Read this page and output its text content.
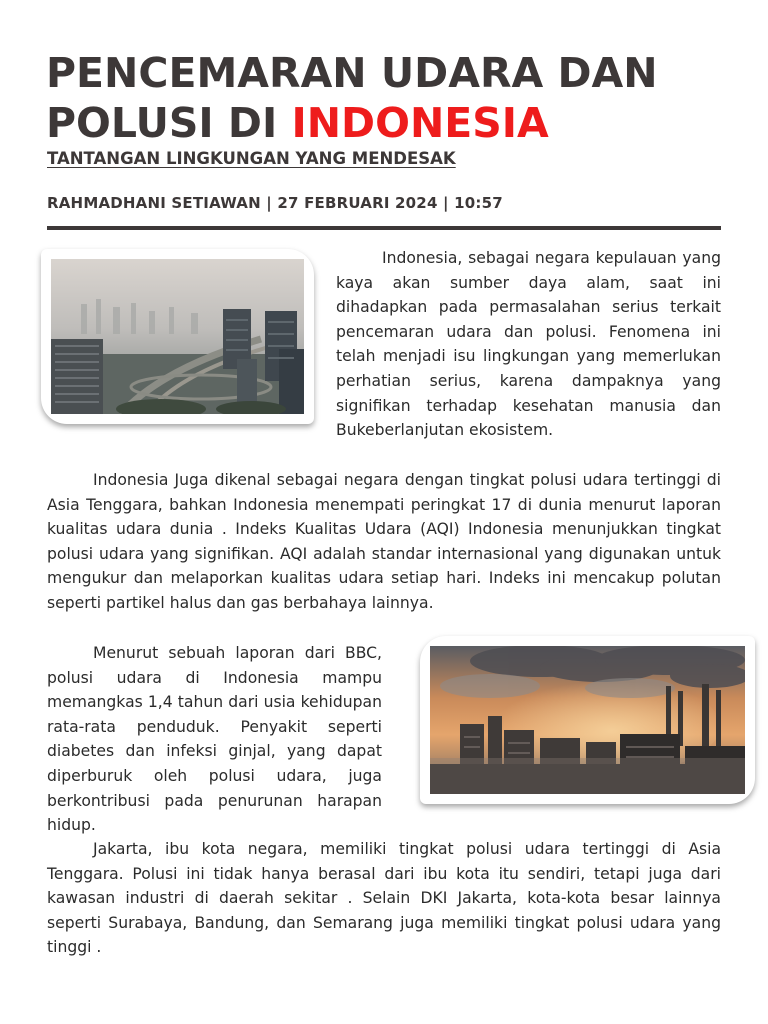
PENCEMARAN UDARA DAN
POLUSI DI INDONESIA

TANTANGAN LINGKUNGAN YANG MENDESAK

RAHMADHANI SETIAWAN | 27 FEBRUARI 2024 | 10:57

Indonesia, sebagai negara kepulauan yang kaya akan sumber daya alam, saat ini dihadapkan pada permasalahan serius terkait pencemaran udara dan polusi. Fenomena ini telah menjadi isu lingkungan yang memerlukan perhatian serius, karena dampaknya yang signifikan terhadap kesehatan manusia dan Bukeberlanjutan ekosistem.

Indonesia Juga dikenal sebagai negara dengan tingkat polusi udara tertinggi di Asia Tenggara, bahkan Indonesia menempati peringkat 17 di dunia menurut laporan kualitas udara dunia . Indeks Kualitas Udara (AQI) Indonesia menunjukkan tingkat polusi udara yang signifikan. AQI adalah standar internasional yang digunakan untuk mengukur dan melaporkan kualitas udara setiap hari. Indeks ini mencakup polutan seperti partikel halus dan gas berbahaya lainnya.

Menurut sebuah laporan dari BBC, polusi udara di Indonesia mampu memangkas 1,4 tahun dari usia kehidupan rata-rata penduduk. Penyakit seperti diabetes dan infeksi ginjal, yang dapat diperburuk oleh polusi udara, juga berkontribusi pada penurunan harapan hidup.

Jakarta, ibu kota negara, memiliki tingkat polusi udara tertinggi di Asia Tenggara. Polusi ini tidak hanya berasal dari ibu kota itu sendiri, tetapi juga dari kawasan industri di daerah sekitar . Selain DKI Jakarta, kota-kota besar lainnya seperti Surabaya, Bandung, dan Semarang juga memiliki tingkat polusi udara yang tinggi .
